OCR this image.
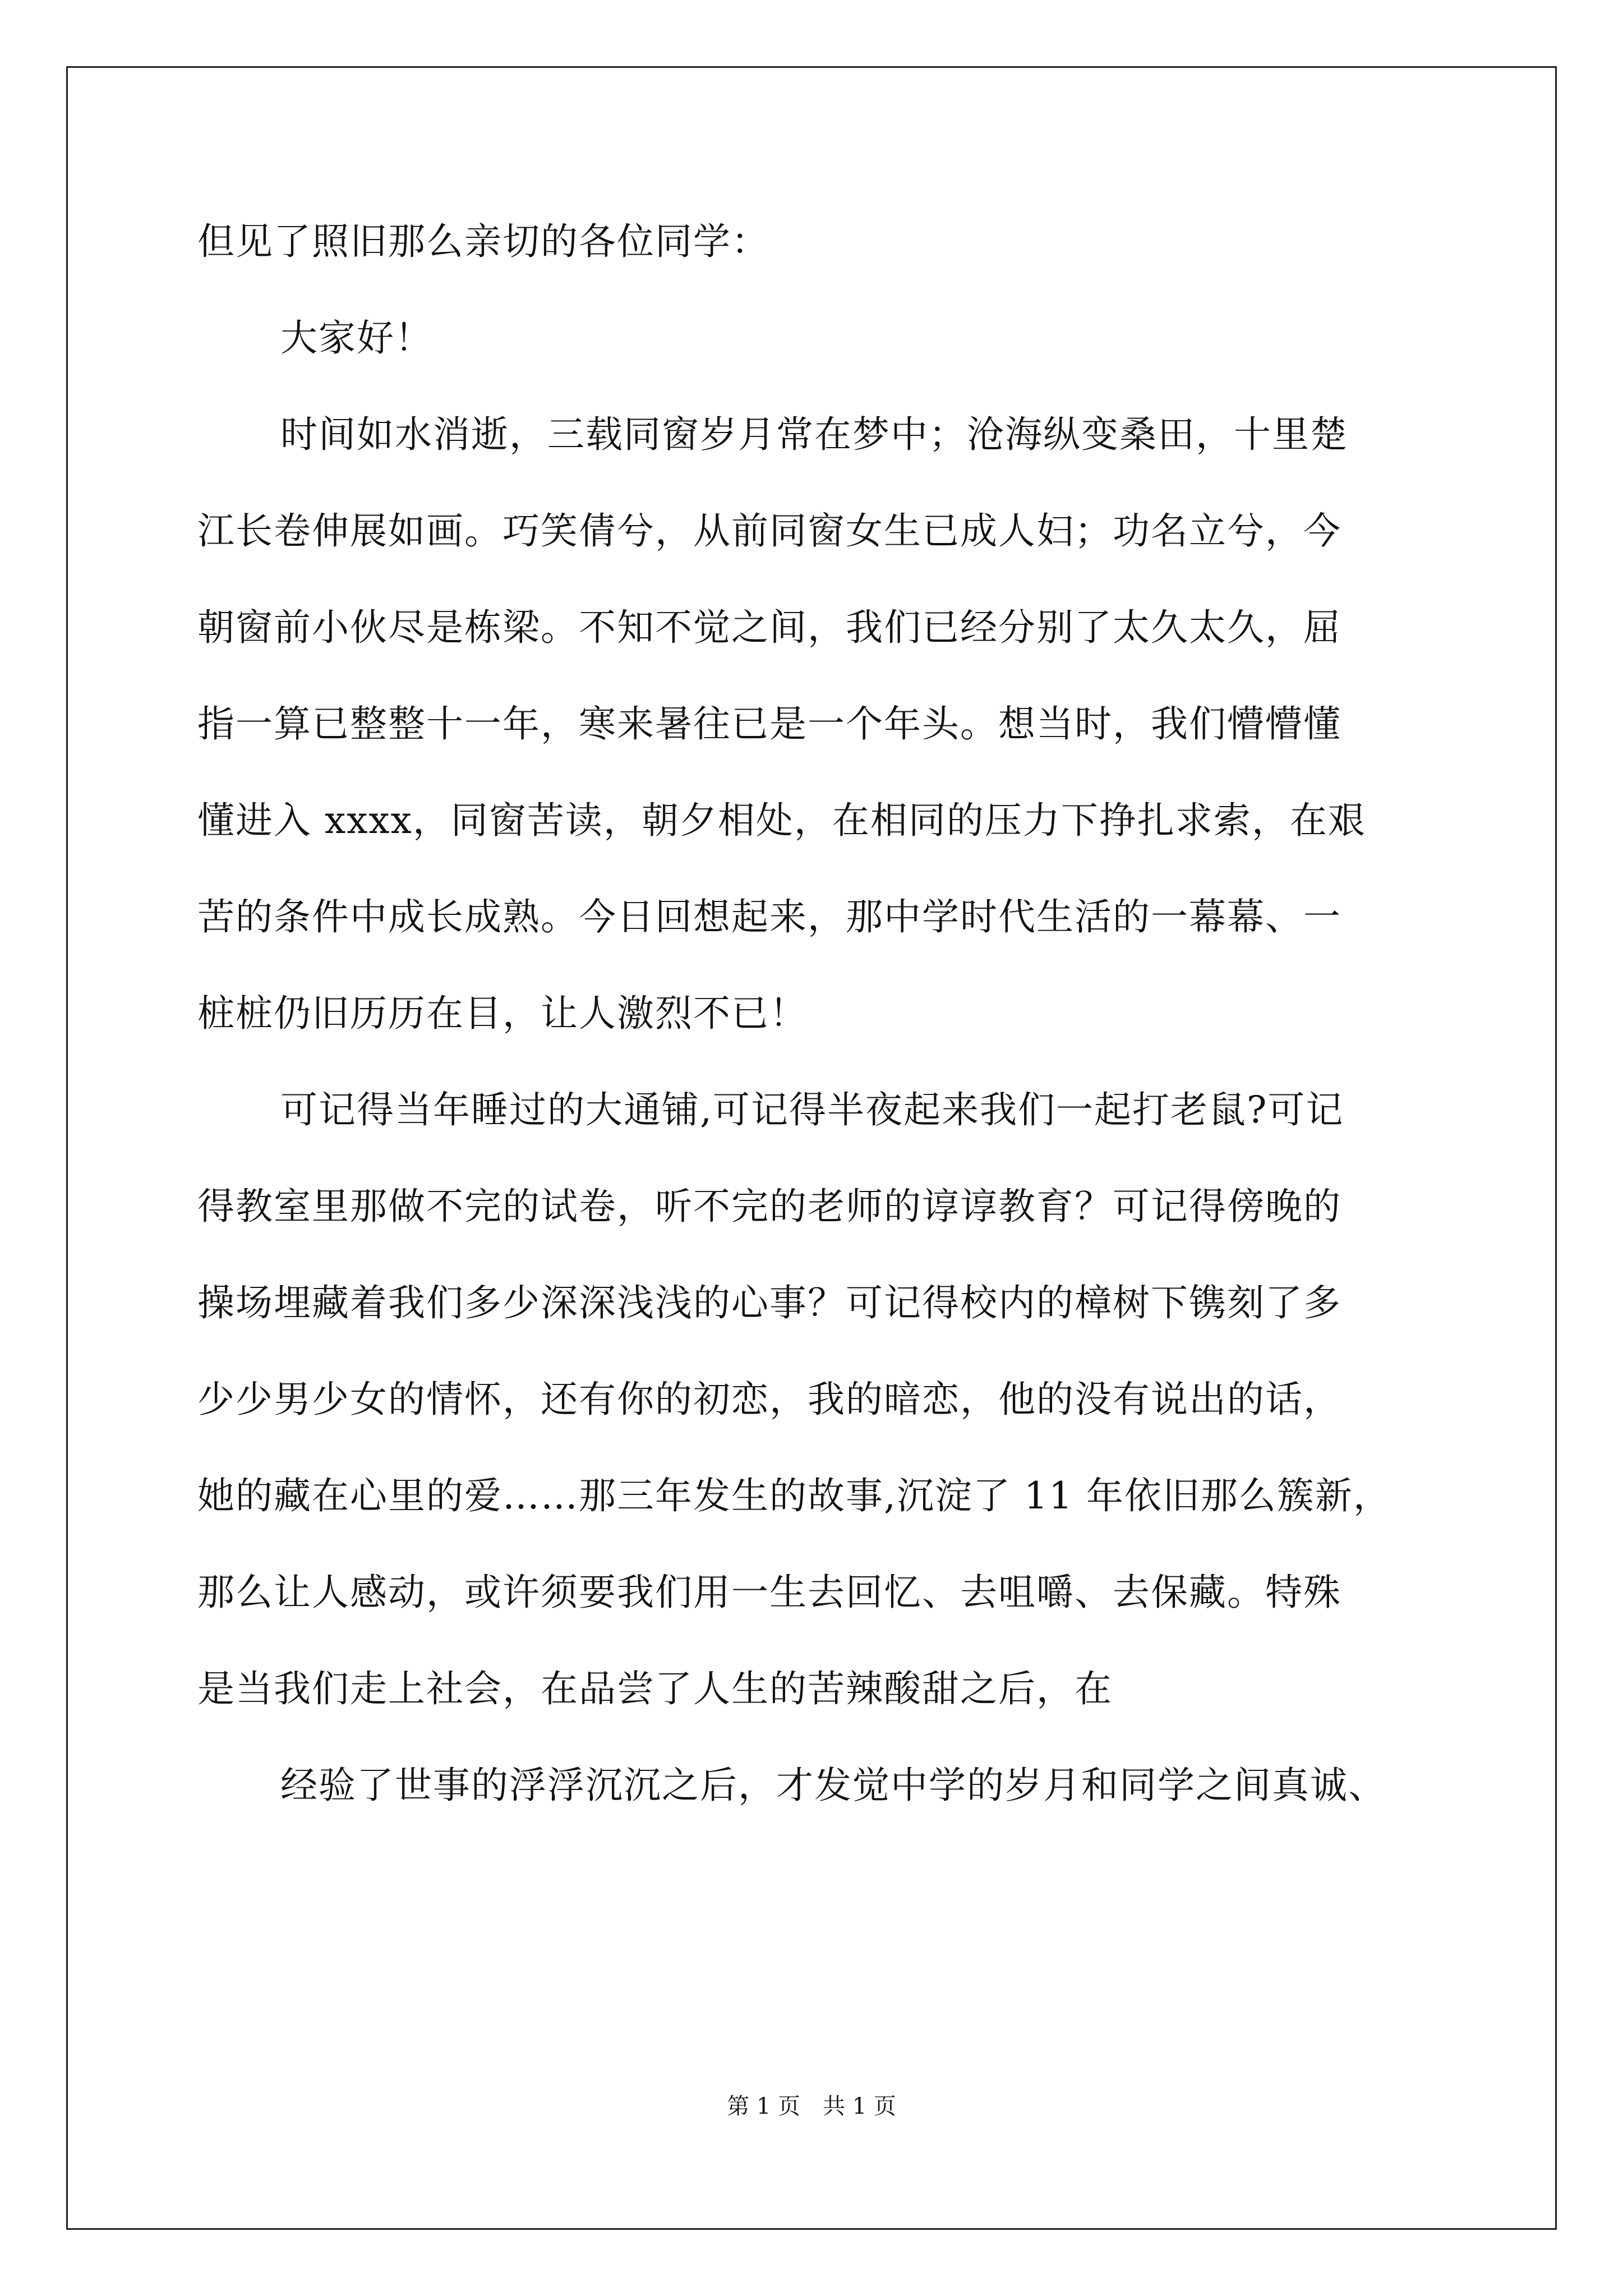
但见了照旧那么亲切的各位同学：
大家好！
时间如水消逝，三载同窗岁月常在梦中；沧海纵变桑田，十里楚
江长卷伸展如画。巧笑倩兮，从前同窗女生已成人妇；功名立兮，今
朝窗前小伙尽是栋梁。不知不觉之间，我们已经分别了太久太久，屈
指一算已整整十一年，寒来暑往已是一个年头。想当时，我们懵懵懂
懂进入 xxxx，同窗苦读，朝夕相处，在相同的压力下挣扎求索，在艰
苦的条件中成长成熟。今日回想起来，那中学时代生活的一幕幕、一
桩桩仍旧历历在目，让人激烈不已！
可记得当年睡过的大通铺,可记得半夜起来我们一起打老鼠?可记
得教室里那做不完的试卷，听不完的老师的谆谆教育？可记得傍晚的
操场埋藏着我们多少深深浅浅的心事？可记得校内的樟树下镌刻了多
少少男少女的情怀，还有你的初恋，我的暗恋，他的没有说出的话，
她的藏在心里的爱……那三年发生的故事,沉淀了 11 年依旧那么簇新，
那么让人感动，或许须要我们用一生去回忆、去咀嚼、去保藏。特殊
是当我们走上社会，在品尝了人生的苦辣酸甜之后，在
经验了世事的浮浮沉沉之后，才发觉中学的岁月和同学之间真诚、
第 1 页　共 1 页
